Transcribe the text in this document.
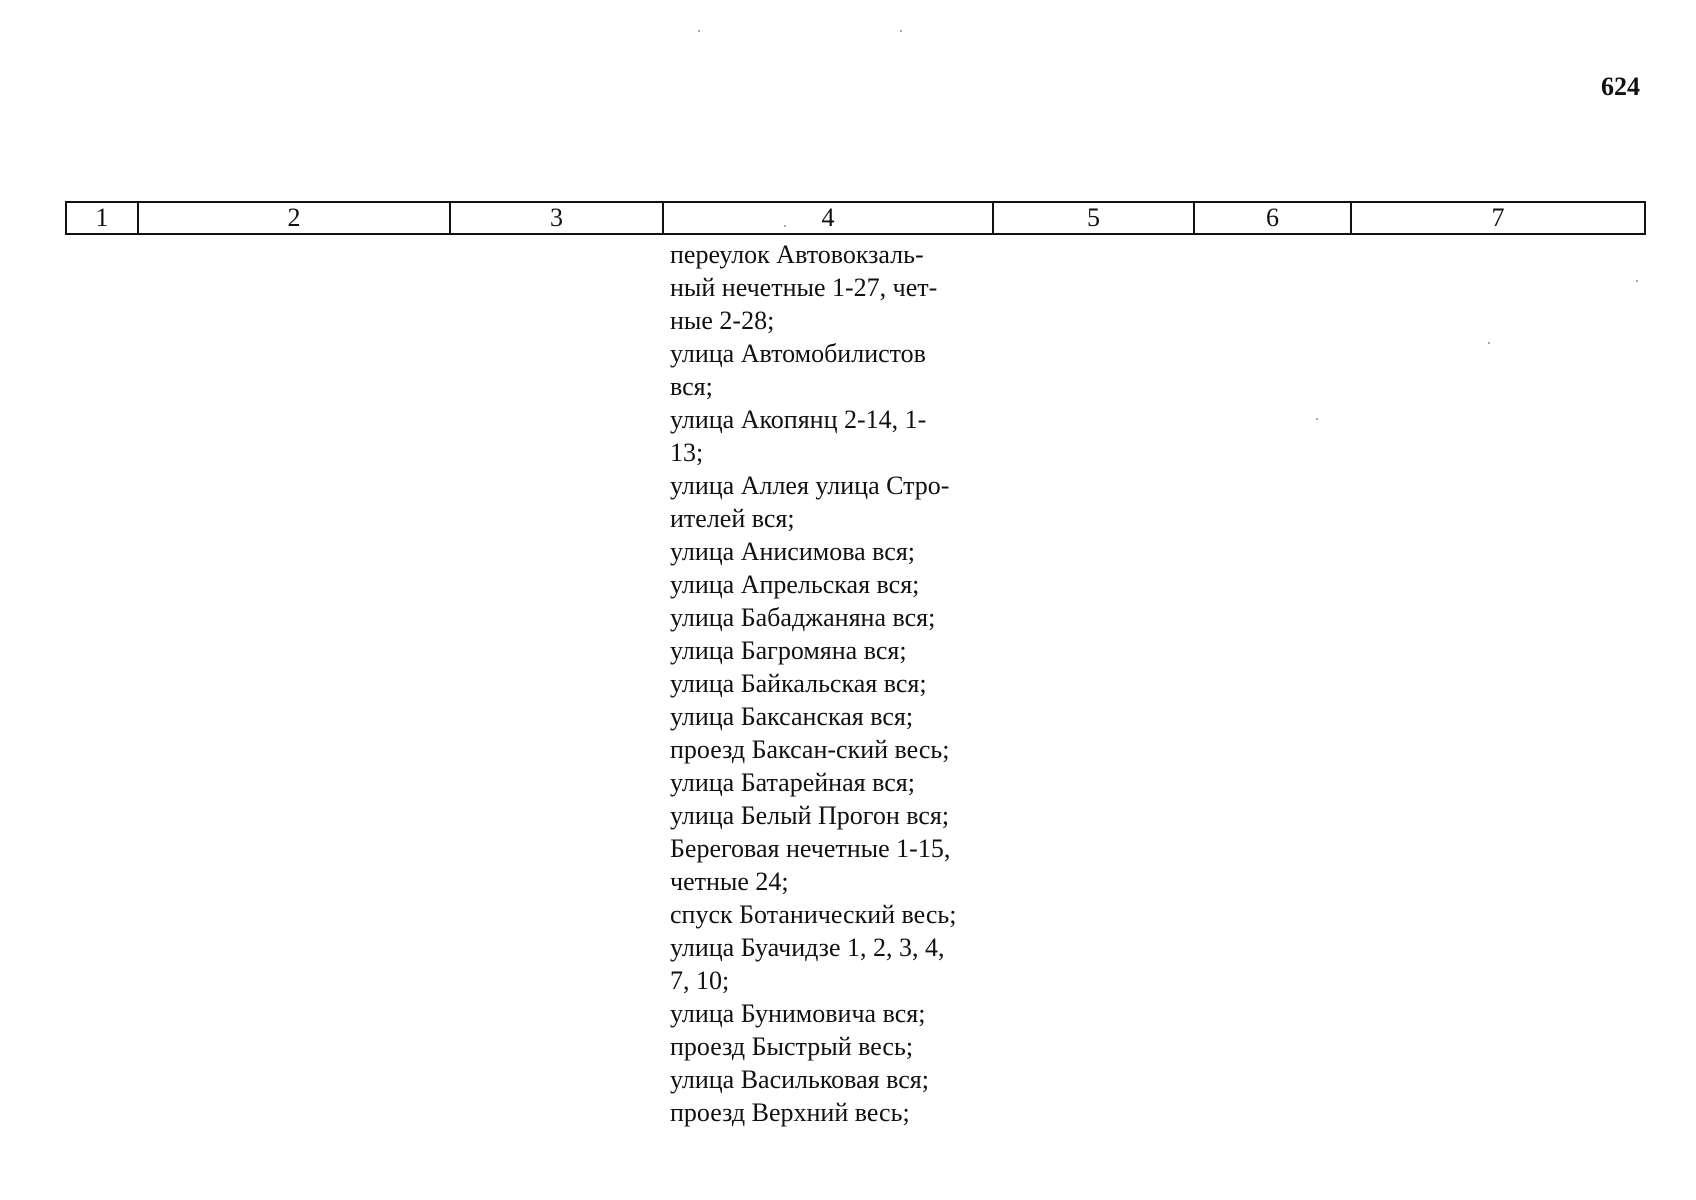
624
1	2	3	4	5	6	7
переулок Автовокзаль-
ный нечетные 1-27, чет-
ные 2-28;
улица Автомобилистов
вся;
улица Акопянц 2-14, 1-
13;
улица Аллея улица Стро-
ителей вся;
улица Анисимова вся;
улица Апрельская вся;
улица Бабаджаняна вся;
улица Багромяна вся;
улица Байкальская вся;
улица Баксанская вся;
проезд Баксан-ский весь;
улица Батарейная вся;
улица Белый Прогон вся;
Береговая нечетные 1-15,
четные 24;
спуск Ботанический весь;
улица Буачидзе 1, 2, 3, 4,
7, 10;
улица Бунимовича вся;
проезд Быстрый весь;
улица Васильковая вся;
проезд Верхний весь;
